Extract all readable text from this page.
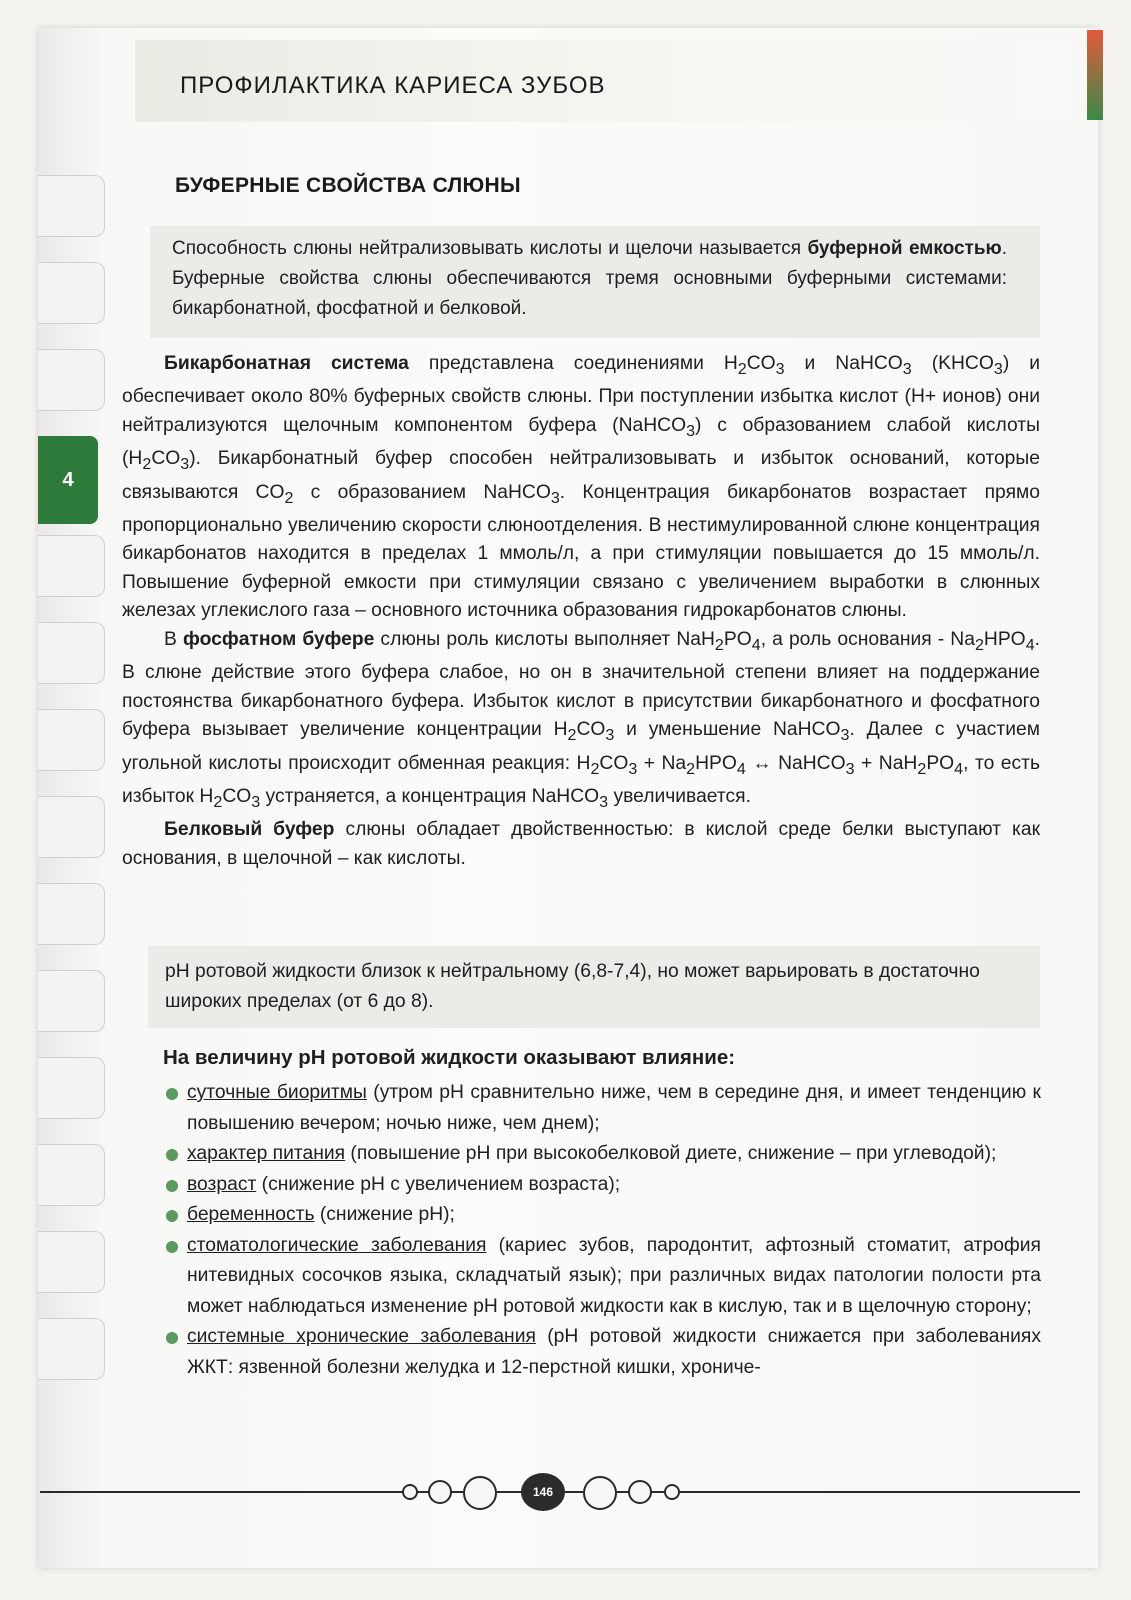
ПРОФИЛАКТИКА КАРИЕСА ЗУБОВ
4
БУФЕРНЫЕ СВОЙСТВА СЛЮНЫ
Способность слюны нейтрализовывать кислоты и щелочи называется буферной емкостью. Буферные свойства слюны обеспечиваются тремя основными буферными системами: бикарбонатной, фосфатной и белковой.

Бикарбонатная система представлена соединениями $H_2CO_3$ и NaHCO$_3$ $(KHCO_3)$ и обеспечивает около 80% буферных свойств слюны. При поступлении избытка кислот (H+ ионов) они нейтрализуются щелочным компонентом буфера (NaHCO$_3$) с образованием слабой кислоты $(H_2CO_3)$. Бикарбонатный буфер способен нейтрализовывать и избыток оснований, которые связываются $CO_2$ с образованием NaHCO$_3$. Концентрация бикарбонатов возрастает прямо пропорционально увеличению скорости слюноотделения. В нестимулированной слюне концентрация бикарбонатов находится в пределах 1 ммоль/л, а при стимуляции повышается до 15 ммоль/л. Повышение буферной емкости при стимуляции связано с увеличением выработки в слюнных железах углекислого газа – основного источника образования гидрокарбонатов слюны.

В фосфатном буфере слюны роль кислоты выполняет $NaH_2PO_4$, а роль основания - $Na_2HPO_4$. В слюне действие этого буфера слабое, но он в значительной степени влияет на поддержание постоянства бикарбонатного буфера. Избыток кислот в присутствии бикарбонатного и фосфатного буфера вызывает увеличение концентрации $H_2CO_3$ и уменьшение NaHCO$_3$. Далее с участием угольной кислоты происходит обменная реакция: $H_2CO_3 + Na_2HPO_4$ ↔ NaHCO$_3$ + $NaH_2PO_4$, то есть избыток $H_2CO_3$ устраняется, а концентрация NaHCO$_3$ увеличивается.

Белковый буфер слюны обладает двойственностью: в кислой среде белки выступают как основания, в щелочной – как кислоты.

pH ротовой жидкости близок к нейтральному (6,8-7,4), но может варьировать в достаточно широких пределах (от 6 до 8).
На величину pH ротовой жидкости оказывают влияние:
суточные биоритмы (утром pH сравнительно ниже, чем в середине дня, и имеет тенденцию к повышению вечером; ночью ниже, чем днем);
характер питания (повышение pH при высокобелковой диете, снижение – при углеводой);
возраст (снижение pH с увеличением возраста);
беременность (снижение pH);
стоматологические заболевания (кариес зубов, пародонтит, афтозный стоматит, атрофия нитевидных сосочков языка, складчатый язык); при различных видах патологии полости рта может наблюдаться изменение pH ротовой жидкости как в кислую, так и в щелочную сторону;
системные хронические заболевания (pH ротовой жидкости снижается при заболеваниях ЖКТ: язвенной болезни желудка и 12-перстной кишки, хрониче-
146
